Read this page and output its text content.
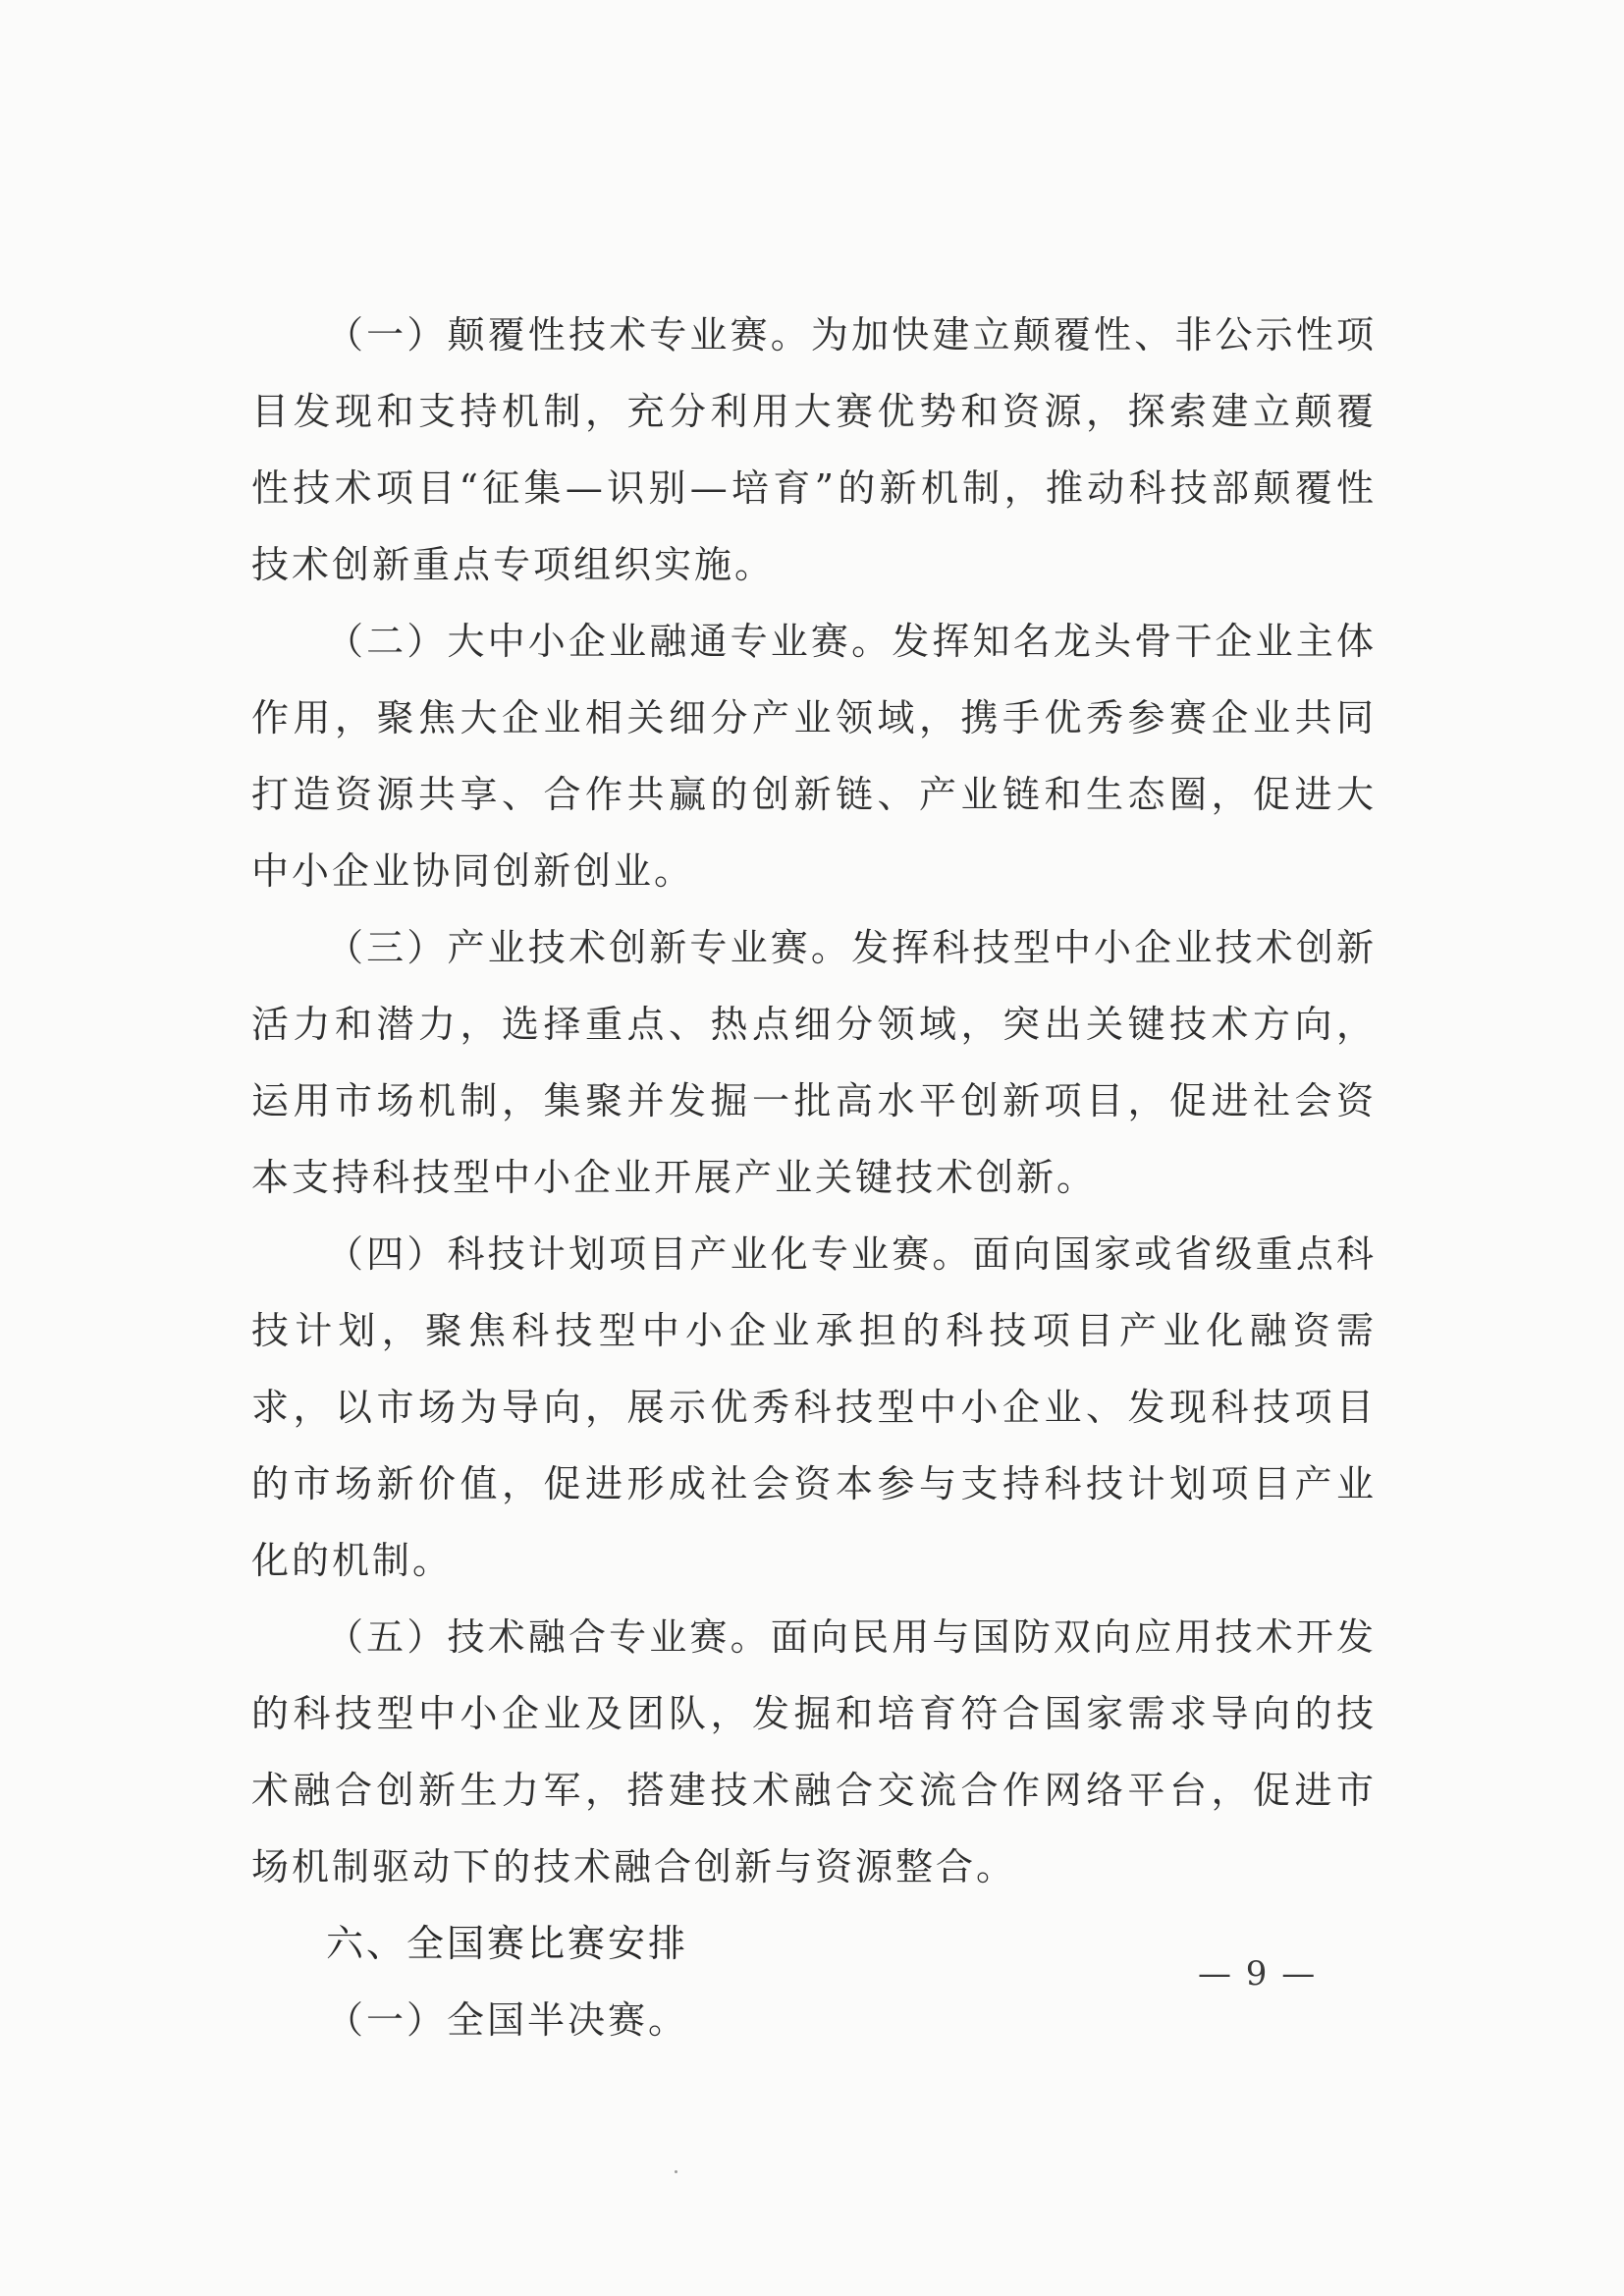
（一）颠覆性技术专业赛。为加快建立颠覆性、非公示性项目发现和支持机制，充分利用大赛优势和资源，探索建立颠覆性技术项目“征集—识别—培育”的新机制，推动科技部颠覆性技术创新重点专项组织实施。

（二）大中小企业融通专业赛。发挥知名龙头骨干企业主体作用，聚焦大企业相关细分产业领域，携手优秀参赛企业共同打造资源共享、合作共赢的创新链、产业链和生态圈，促进大中小企业协同创新创业。

（三）产业技术创新专业赛。发挥科技型中小企业技术创新活力和潜力，选择重点、热点细分领域，突出关键技术方向，运用市场机制，集聚并发掘一批高水平创新项目，促进社会资本支持科技型中小企业开展产业关键技术创新。

（四）科技计划项目产业化专业赛。面向国家或省级重点科技计划，聚焦科技型中小企业承担的科技项目产业化融资需求，以市场为导向，展示优秀科技型中小企业、发现科技项目的市场新价值，促进形成社会资本参与支持科技计划项目产业化的机制。

（五）技术融合专业赛。面向民用与国防双向应用技术开发的科技型中小企业及团队，发掘和培育符合国家需求导向的技术融合创新生力军，搭建技术融合交流合作网络平台，促进市场机制驱动下的技术融合创新与资源整合。

六、全国赛比赛安排

（一）全国半决赛。

— 9 —
